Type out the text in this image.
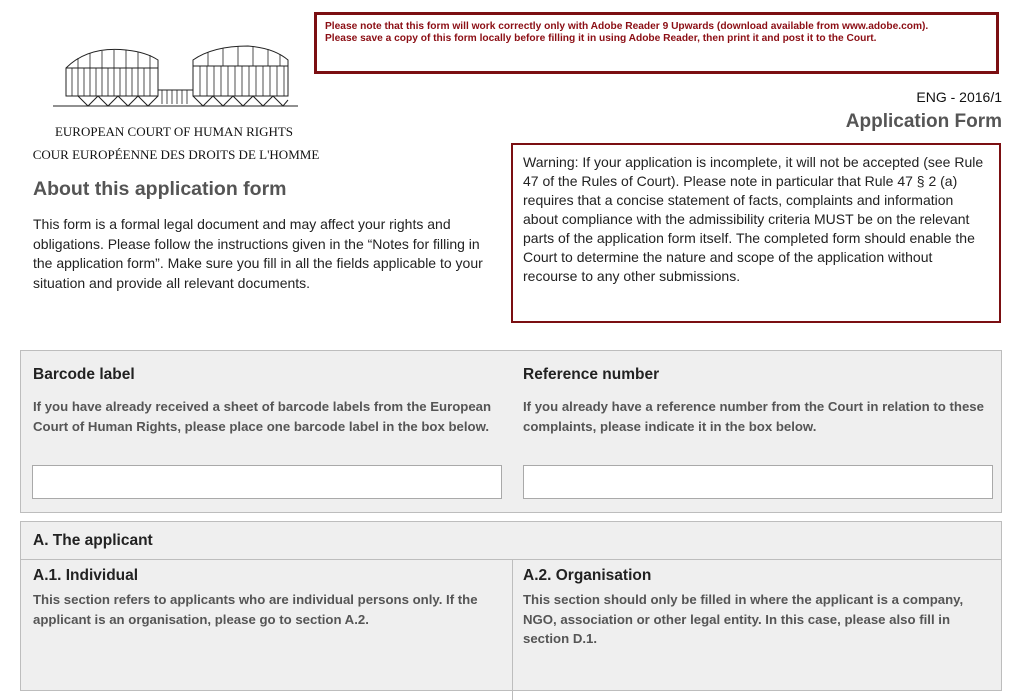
EUROPEAN COURT OF HUMAN RIGHTS
COUR EUROPÉENNE DES DROITS DE L'HOMME
Please note that this form will work correctly only with Adobe Reader 9 Upwards (download available from www.adobe.com).
Please save a copy of this form locally before filling it in using Adobe Reader, then print it and post it to the Court.
ENG - 2016/1
Application Form
Warning: If your application is incomplete, it will not be accepted (see Rule 47 of the Rules of Court). Please note in particular that Rule 47 § 2 (a) requires that a concise statement of facts, complaints and information about compliance with the admissibility criteria MUST be on the relevant parts of the application form itself. The completed form should enable the Court to determine the nature and scope of the application without recourse to any other submissions.
About this application form
This form is a formal legal document and may affect your rights and obligations. Please follow the instructions given in the “Notes for filling in the application form”. Make sure you fill in all the fields applicable to your situation and provide all relevant documents.
Barcode label
If you have already received a sheet of barcode labels from the European Court of Human Rights, please place one barcode label in the box below.
Reference number
If you already have a reference number from the Court in relation to these complaints, please indicate it in the box below.
A. The applicant
A.1. Individual
This section refers to applicants who are individual persons only. If the applicant is an organisation, please go to section A.2.
A.2. Organisation
This section should only be filled in where the applicant is a company, NGO, association or other legal entity. In this case, please also fill in section D.1.
